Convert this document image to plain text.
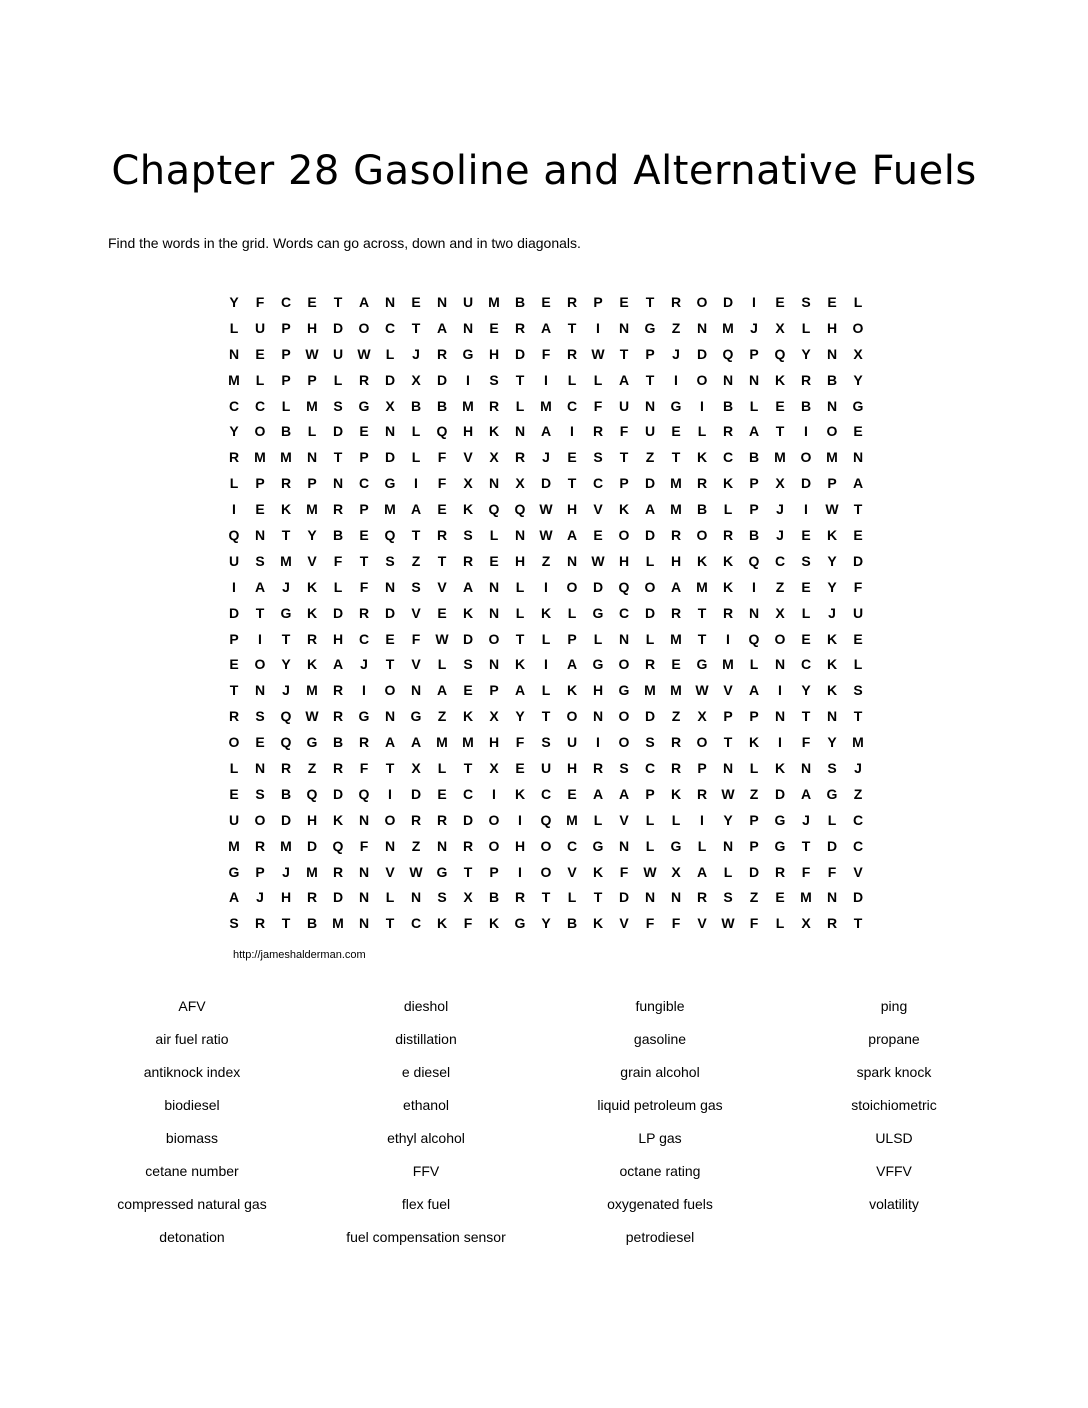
Chapter 28 Gasoline and Alternative Fuels

Find the words in the grid. Words can go across, down and in two diagonals.

Y	F	C	E	T	A	N	E	N	U	M	B	E	R	P	E	T	R	O	D	I	E	S	E	L
L	U	P	H	D	O	C	T	A	N	E	R	A	T	I	N	G	Z	N	M	J	X	L	H	O
N	E	P	W	U	W	L	J	R	G	H	D	F	R	W	T	P	J	D	Q	P	Q	Y	N	X
M	L	P	P	L	R	D	X	D	I	S	T	I	L	L	A	T	I	O	N	N	K	R	B	Y
C	C	L	M	S	G	X	B	B	M	R	L	M	C	F	U	N	G	I	B	L	E	B	N	G
Y	O	B	L	D	E	N	L	Q	H	K	N	A	I	R	F	U	E	L	R	A	T	I	O	E
R	M	M	N	T	P	D	L	F	V	X	R	J	E	S	T	Z	T	K	C	B	M	O	M	N
L	P	R	P	N	C	G	I	F	X	N	X	D	T	C	P	D	M	R	K	P	X	D	P	A
I	E	K	M	R	P	M	A	E	K	Q	Q W	H	V	K	A	M	B	L	P	J	I	W	T
Q	N	T	Y	B	E	Q	T	R	S	L	N	W	A	E	O	D	R	O	R	B	J	E	K	E
U	S	M	V	F	T	S	Z	T	R	E	H	Z	N	W	H	L	H	K	K	Q	C	S	Y	D
I	A	J	K	L	F	N	S	V	A	N	L	I	O	D	Q	O	A	M	K	I	Z	E	Y	F
D	T	G	K	D	R	D	V	E	K	N	L	K	L	G	C	D	R	T	R	N	X	L	J	U
P	I	T	R	H	C	E	F	W	D	O	T	L	P	L	N	L	M	T	I	Q	O	E	K	E
E	O	Y	K	A	J	T	V	L	S	N	K	I	A	G	O	R	E	G	M	L	N	C	K	L
T	N	J	M	R	I	O	N	A	E	P	A	L	K	H	G	M	M W	V	A	I	Y	K	S
R	S	Q W	R	G	N	G	Z	K	X	Y	T	O	N	O	D	Z	X	P	P	N	T	N	T
O	E	Q	G	B	R	A	A	M	M	H	F	S	U	I	O	S	R	O	T	K	I	F	Y	M
L	N	R	Z	R	F	T	X	L	T	X	E	U	H	R	S	C	R	P	N	L	K	N	S	J
E	S	B	Q	D	Q	I	D	E	C	I	K	C	E	A	A	P	K	R	W	Z	D	A	G	Z
U	O	D	H	K	N	O	R	R	D	O	I	Q	M	L	V	L	L	I	Y	P	G	J	L	C
M	R	M	D	Q	F	N	Z	N	R	O	H	O	C	G	N	L	G	L	N	P	G	T	D	C
G	P	J	M	R	N	V	W G	T	P	I	O	V	K	F	W	X	A	L	D	R	F	F	V
A	J	H	R	D	N	L	N	S	X	B	R	T	L	T	D	N	N	R	S	Z	E	M	N	D
S	R	T	B	M	N	T	C	K	F	K	G	Y	B	K	V	F	F	V	W	F	L	X	R	T

http://jameshalderman.com

AFV
air fuel ratio
antiknock index
biodiesel
biomass
cetane number
compressed natural gas
detonation
dieshol
distillation
e diesel
ethanol
ethyl alcohol
FFV
flex fuel
fuel compensation sensor
fungible
gasoline
grain alcohol
liquid petroleum gas
LP gas
octane rating
oxygenated fuels
petrodiesel
ping
propane
spark knock
stoichiometric
ULSD
VFFV
volatility
